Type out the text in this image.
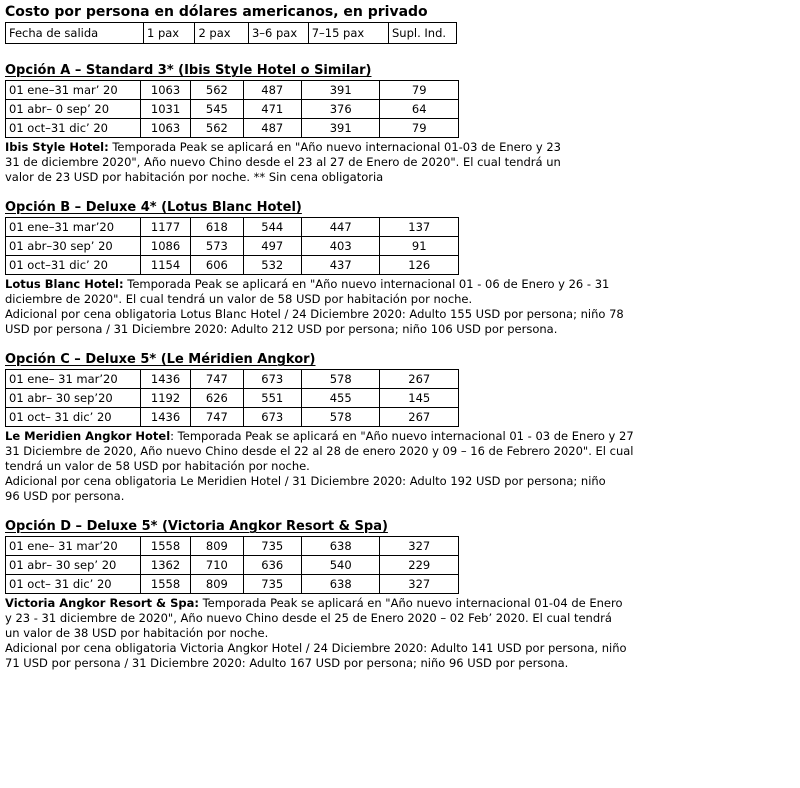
Costo por persona en dólares americanos, en privado
Fecha de salida	1 pax	2 pax	3–6 pax	7–15 pax	Supl. Ind.
Opción A – Standard 3* (Ibis Style Hotel o Similar)
01 ene–31 mar’ 20	1063	562	487	391	79
01 abr– 0 sep’ 20	1031	545	471	376	64
01 oct–31 dic’ 20	1063	562	487	391	79

Ibis Style Hotel: Temporada Peak se aplicará en "Año nuevo internacional 01-03 de Enero y 23

31 de diciembre 2020", Año nuevo Chino desde el 23 al 27 de Enero de 2020". El cual tendrá un

valor de 23 USD por habitación por noche. ** Sin cena obligatoria

Opción B – Deluxe 4* (Lotus Blanc Hotel)
01 ene–31 mar’20	1177	618	544	447	137
01 abr–30 sep’ 20	1086	573	497	403	91
01 oct–31 dic’ 20	1154	606	532	437	126

Lotus Blanc Hotel: Temporada Peak se aplicará en "Año nuevo internacional 01 - 06 de Enero y 26 - 31

diciembre de 2020". El cual tendrá un valor de 58 USD por habitación por noche.

Adicional por cena obligatoria Lotus Blanc Hotel / 24 Diciembre 2020: Adulto 155 USD por persona; niño 78

USD por persona / 31 Diciembre 2020: Adulto 212 USD por persona; niño 106 USD por persona.

Opción C – Deluxe 5* (Le Méridien Angkor)
01 ene– 31 mar’20	1436	747	673	578	267
01 abr– 30 sep’20	1192	626	551	455	145
01 oct– 31 dic’ 20	1436	747	673	578	267

Le Meridien Angkor Hotel: Temporada Peak se aplicará en "Año nuevo internacional 01 - 03 de Enero y 27

31 Diciembre de 2020, Año nuevo Chino desde el 22 al 28 de enero 2020 y 09 – 16 de Febrero 2020". El cual

tendrá un valor de 58 USD por habitación por noche.

Adicional por cena obligatoria Le Meridien Hotel / 31 Diciembre 2020: Adulto 192 USD por persona; niño

96 USD por persona.

Opción D – Deluxe 5* (Victoria Angkor Resort & Spa)
01 ene– 31 mar’20	1558	809	735	638	327
01 abr– 30 sep’ 20	1362	710	636	540	229
01 oct– 31 dic’ 20	1558	809	735	638	327

Victoria Angkor Resort & Spa: Temporada Peak se aplicará en "Año nuevo internacional 01-04 de Enero

y 23 - 31 diciembre de 2020", Año nuevo Chino desde el 25 de Enero 2020 – 02 Feb’ 2020. El cual tendrá

un valor de 38 USD por habitación por noche.

Adicional por cena obligatoria Victoria Angkor Hotel / 24 Diciembre 2020: Adulto 141 USD por persona, niño

71 USD por persona / 31 Diciembre 2020: Adulto 167 USD por persona; niño 96 USD por persona.
